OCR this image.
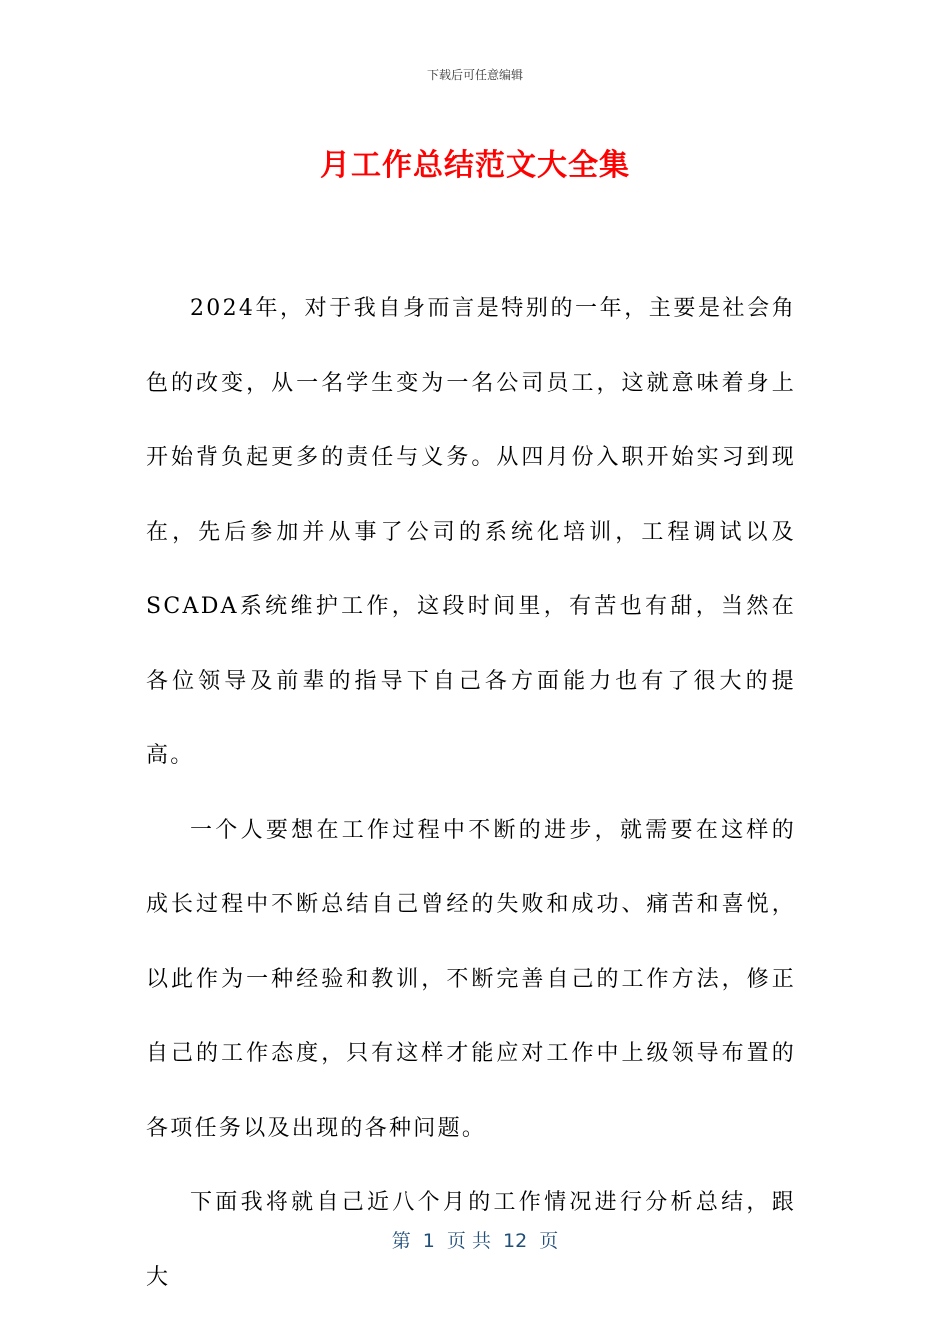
下载后可任意编辑
月工作总结范文大全集

2024年，对于我自身而言是特别的一年，主要是社会角色的改变，从一名学生变为一名公司员工，这就意味着身上开始背负起更多的责任与义务。从四月份入职开始实习到现在，先后参加并从事了公司的系统化培训，工程调试以及SCADA系统维护工作，这段时间里，有苦也有甜，当然在各位领导及前辈的指导下自己各方面能力也有了很大的提高。

一个人要想在工作过程中不断的进步，就需要在这样的成长过程中不断总结自己曾经的失败和成功、痛苦和喜悦，以此作为一种经验和教训，不断完善自己的工作方法，修正自己的工作态度，只有这样才能应对工作中上级领导布置的各项任务以及出现的各种问题。

下面我将就自己近八个月的工作情况进行分析总结，跟大

第  1  页 共  12  页
